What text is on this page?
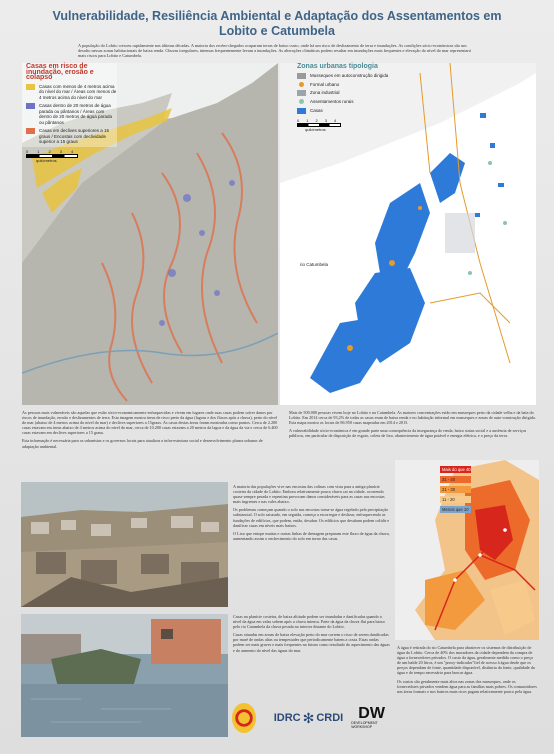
Vulnerabilidade, Resiliência Ambiental e Adaptação dos Assentamentos em Lobito e Catumbela
A população do Lobito cresceu rapidamente nas últimas décadas. A maioria dos recém-chegados ocuparam terras de baixo custo, onde há um risco de deslizamento de terra e inundações. As condições sócio-económicas são um desafio nessas zonas habitacionais de baixa renda. Chuvas irregulares, intensas frequentemente levam a inundações. As alterações climáticas podem resultar em inundações mais frequentes e elevação do nível do mar representará mais riscos para Lobito e Catumbela.
Casas em risco de inundação, erosão e colapso
Casas com menos de 4 metros acima do nível do mar / Áreas com menos de 4 metros acima do nível do mar
Casas dentro de 20 metros de água parada ou pântanos / Áreas com dentro de 20 metros de água parada ou pântanos
Casas em declives superiores a 15 graus / Encostas com declividade superior a 15 graus
0 1 2 3 4
quilómetros
rio Catumbela
Zonas urbanas tipologia
Musseques em autoconstrução dirigida
Formal urbano
Zona industrial
Assentamentos rurais
Casas
0 1 2 3 4
quilómetros

As pessoas mais vulneráveis são aquelas que estão sócio-economicamente enfraquecidas e vivem em lugares onde suas casas podem sofrer danos por riscos de inundação, erosão e deslizamentos de terra. Esta imagem mostra áreas de risco perto da água (lagoas e dos fluxos após a chuva), perto do nível do mar (abaixo de 4 metros acima do nível do mar) e declives superiores a 15graus. As casas destas áreas foram mostradas como pontos. Cerca de 2.200 casas estavam em áreas abaixo de 4 metros acima do nível do mar, cerca de 10.200 casas estavam a 20 metros da lagoa e da água da via e cerca de 6.400 casas estavam em declives superiores a 15 graus.

Esta informação é necessária para os urbanistas e os governos locais para atualizar a infra-estrutura social e desenvolvimento planos urbanos de adaptação ambiental.

Mais de 500.000 pessoas vivem hoje no Lobito e na Catumbela. As maiores concentrações estão em musseques perto da cidade velha e da baía do Lobito. Em 2014 cerca de 93,2% de todas as casas eram de baixa renda e no habitação informal em musseques e zonas de auto-construção dirigida. Esta mapa mostra os locais de 86.950 casas mapeadas em 2014 e 2015.

A vulnerabilidade sócio-económica é em grande parte uma consequência da insegurança de renda, baixo status social e a ausência de serviços públicos, em particular de disposição de esgoto, coleta de lixo, abastecimento de água potável e energia elétrica, e o preço da terra.

A maioria das populações vive nas encostas das colinas com vista para a antiga planície costeira da cidade do Lobito. Embora relativamente pouca chuva cai na cidade, ocorrendo quase sempre pesada e repentina provocam danos consideráveis para as casas nas encostas mais íngremes e nas vales abaixo.

Os problemas começam quando o solo nas encostas torna-se água regelado pela precipitação substancial. O solo saturado, em seguida, começa a escorregar e deslizar, enfraquecendo as fundações de edifícios, que podem, então, desabar. Os edifícios que desabam podem colidir e danificar casas em níveis mais baixos.

O Lixo que entope muitas e outras linhas de drenagem preparam este fluxo de água da chuva, aumentando assim o enchecimento do solo em torno das casas.

Casas na planície costeira, de baixa altitude podem ser inundadas e danificadas quando o nível da água em valas sobem após a chuva intensa. Parte da água da chuva flui para baixo pelo rio Catumbela da chuva pesada no interior distante do Lobito.

Casas situadas em zonas de baixa elevação perto do mar correm o risco de serem danificadas por maré de ondas altas ou tempestades que periodicamente batem a costa. Estas ondas podem ser mais graves e mais frequentes no futuro como resultado do aquecimento das águas e do aumento do nível das águas do mar.

Mais do que 40
31 - 40
21 - 30
11 - 20
Menos que 10

A água é retirada do rio Catumbela para abastecer os sistemas de distribuição de água do Lobito. Cerca de 40% dos moradores da cidade dependem da compra de água a fornecedores privados. O custo da água, geralmente medido como o preço de um balde 20 litros, é um "proxy-indicador"fiel de acesso à água desde que os preços dependam de fonte, quantidade disponível, distância da fonte, qualidade da água e do tempo necessário para buscar água.

Os custos são geralmente mais altos nas zonas dos musseques, onde os fornecedores privados vendem água para as famílias mais pobres. Os consumidores nas áreas formais e nos bairros mais ricos pagam relativamente pouco pela água.

IDRC ✻ CRDI DW
DEVELOPMENT WORKSHOP
